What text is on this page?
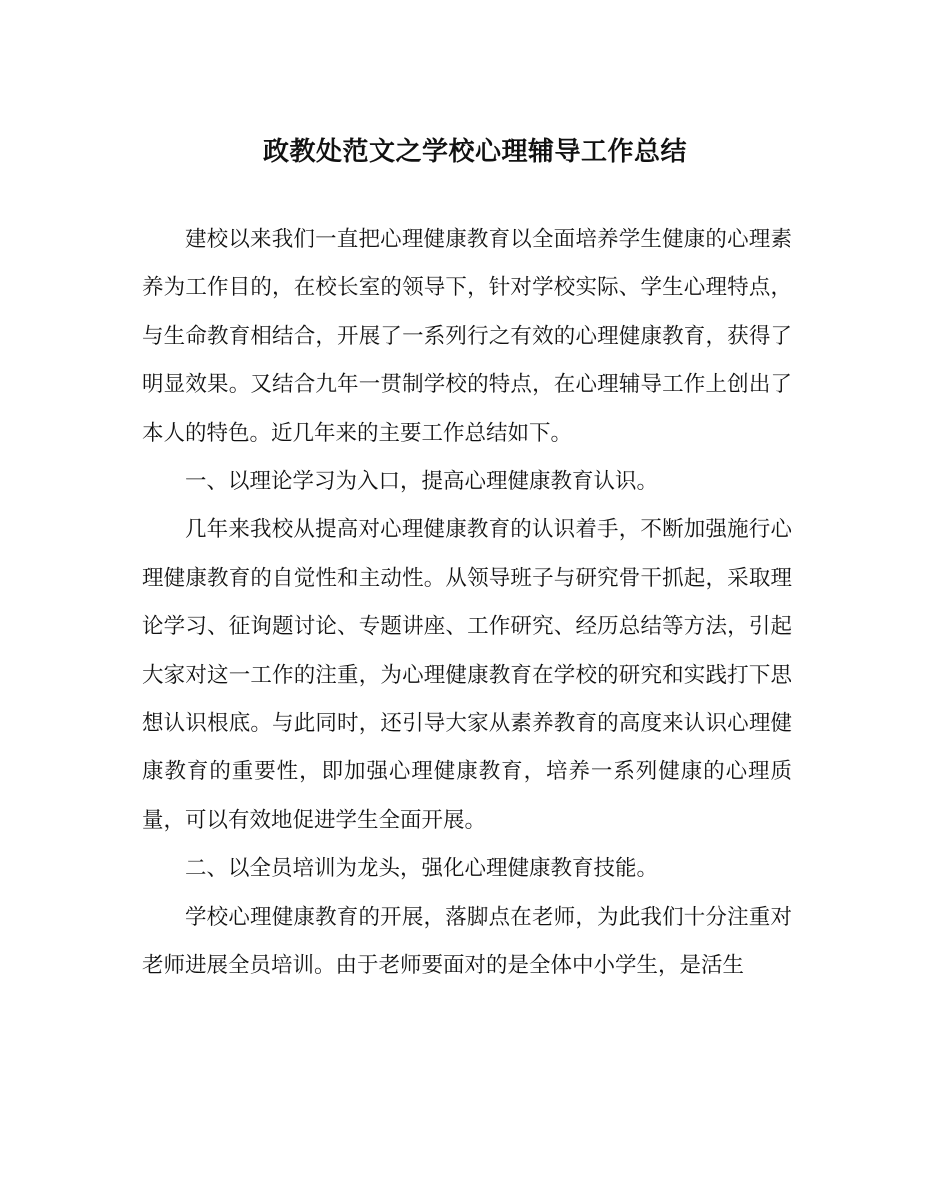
政教处范文之学校心理辅导工作总结

建校以来我们一直把心理健康教育以全面培养学生健康的心理素养为工作目的，在校长室的领导下，针对学校实际、学生心理特点，与生命教育相结合，开展了一系列行之有效的心理健康教育，获得了明显效果。又结合九年一贯制学校的特点，在心理辅导工作上创出了本人的特色。近几年来的主要工作总结如下。

一、以理论学习为入口，提高心理健康教育认识。

几年来我校从提高对心理健康教育的认识着手，不断加强施行心理健康教育的自觉性和主动性。从领导班子与研究骨干抓起，采取理论学习、征询题讨论、专题讲座、工作研究、经历总结等方法，引起大家对这一工作的注重，为心理健康教育在学校的研究和实践打下思想认识根底。与此同时，还引导大家从素养教育的高度来认识心理健康教育的重要性，即加强心理健康教育，培养一系列健康的心理质量，可以有效地促进学生全面开展。

二、以全员培训为龙头，强化心理健康教育技能。

学校心理健康教育的开展，落脚点在老师，为此我们十分注重对老师进展全员培训。由于老师要面对的是全体中小学生，是活生
